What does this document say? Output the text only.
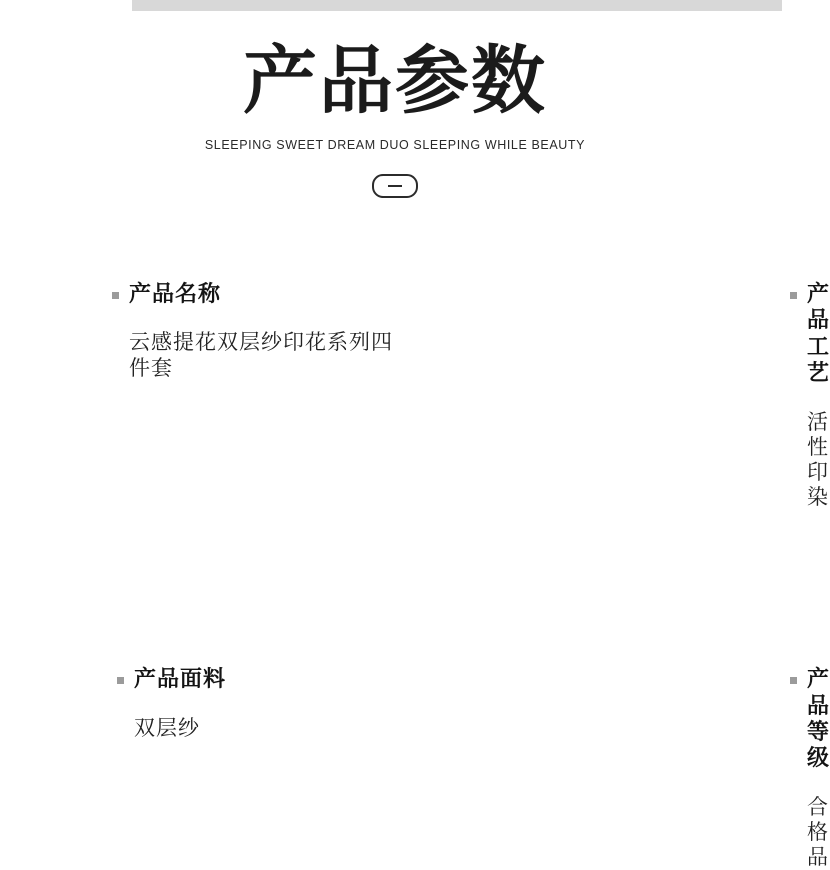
产品参数

SLEEPING SWEET DREAM DUO SLEEPING WHILE BEAUTY

产品名称
云感提花双层纱印花系列四件套
产品工艺
活性印染
产品面料
双层纱
产品等级
合格品
